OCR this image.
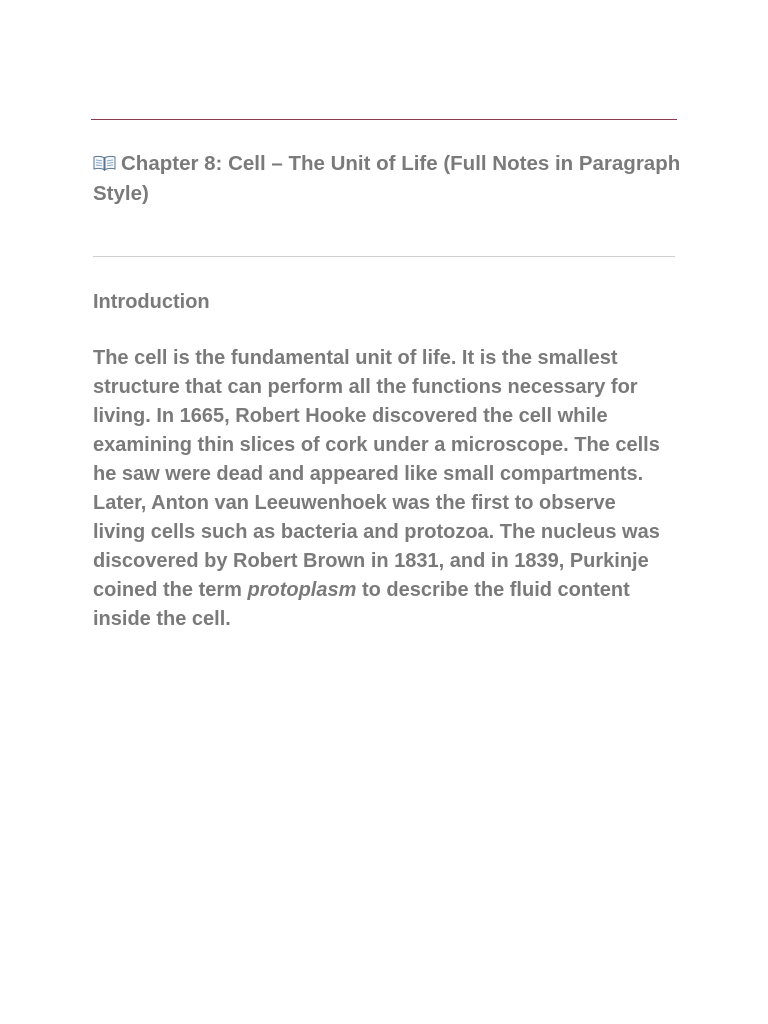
Chapter 8: Cell – The Unit of Life (Full Notes in Paragraph Style)
Introduction

The cell is the fundamental unit of life. It is the smallest structure that can perform all the functions necessary for living. In 1665, Robert Hooke discovered the cell while examining thin slices of cork under a microscope. The cells he saw were dead and appeared like small compartments. Later, Anton van Leeuwenhoek was the first to observe living cells such as bacteria and protozoa. The nucleus was discovered by Robert Brown in 1831, and in 1839, Purkinje coined the term protoplasm to describe the fluid content inside the cell.
